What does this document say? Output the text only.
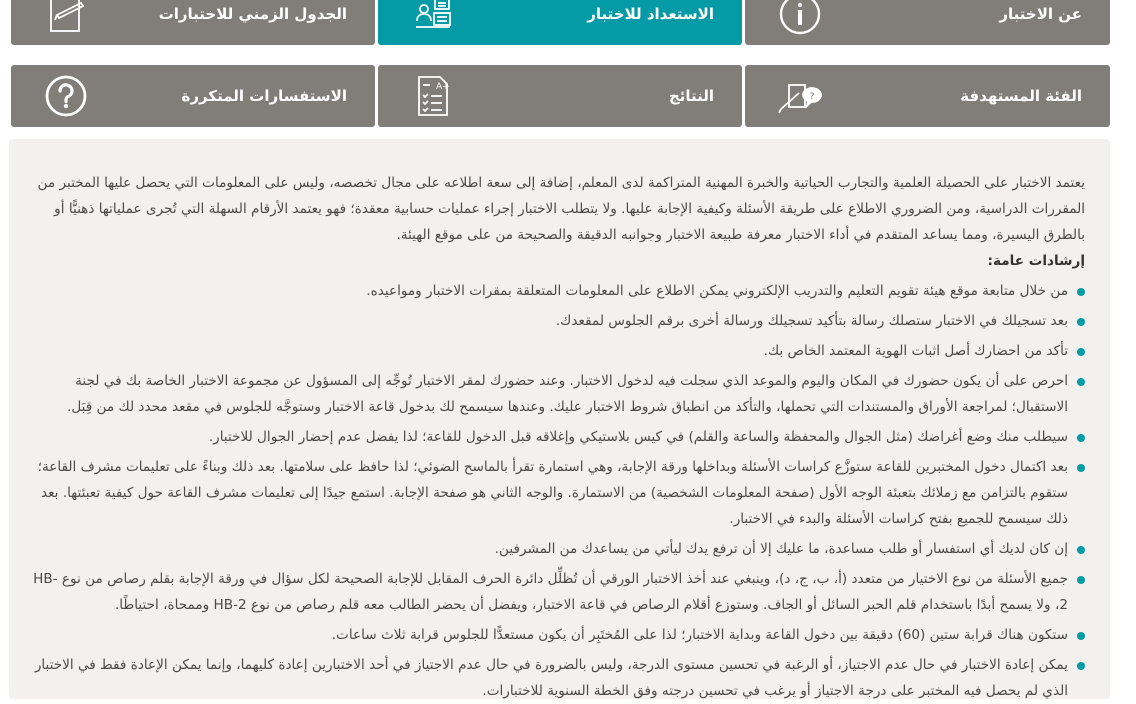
عن الاختبار
الاستعداد للاختبار
الجدول الزمني للاختبارات
?	الفئة المستهدفة
A+	النتائج
الاستفسارات المتكررة

يعتمد الاختبار على الحصيلة العلمية والتجارب الحياتية والخبرة المهنية المتراكمة لدى المعلم، إضافة إلى سعة اطلاعه على مجال تخصصه، وليس على المعلومات التي يحصل عليها المختبر من المقررات الدراسية، ومن الضروري الاطلاع على طريقة الأسئلة وكيفية الإجابة عليها. ولا يتطلب الاختبار إجراء عمليات حسابية معقدة؛ فهو يعتمد الأرقام السهلة التي تُجرى عملياتها ذهنيًّا أو بالطرق اليسيرة، ومما يساعد المتقدم في أداء الاختبار معرفة طبيعة الاختبار وجوانبه الدقيقة والصحيحة من على موقع الهيئة.

إرشادات عامة:

من خلال متابعة موقع هيئة تقويم التعليم والتدريب الإلكتروني يمكن الاطلاع على المعلومات المتعلقة بمقرات الاختبار ومواعيده.
بعد تسجيلك في الاختبار ستصلك رسالة بتأكيد تسجيلك ورسالة أخرى برقم الجلوس لمقعدك.
تأكد من احضارك أصل اثبات الهوية المعتمد الخاص بك.
احرص على أن يكون حضورك في المكان واليوم والموعد الذي سجلت فيه لدخول الاختبار. وعند حضورك لمقر الاختبار تُوجِّه إلى المسؤول عن مجموعة الاختبار الخاصة بك في لجنة الاستقبال؛ لمراجعة الأوراق والمستندات التي تحملها، والتأكد من انطباق شروط الاختبار عليك. وعندها سيسمح لك بدخول قاعة الاختبار وستوجَّه للجلوس في مقعد محدد لك من قِبَل.
سيطلب منك وضع أغراضك (مثل الجوال والمحفظة والساعة والقلم) في كيس بلاستيكي وإغلاقه قبل الدخول للقاعة؛ لذا يفضل عدم إحضار الجوال للاختبار.
بعد اكتمال دخول المختبرين للقاعة ستوزَّع كراسات الأسئلة وبداخلها ورقة الإجابة، وهي استمارة تقرأ بالماسح الضوئي؛ لذا حافظ على سلامتها. بعد ذلك وبناءً على تعليمات مشرف القاعة؛ ستقوم بالتزامن مع زملائك بتعبئة الوجه الأول (صفحة المعلومات الشخصية) من الاستمارة. والوجه الثاني هو صفحة الإجابة. استمع جيدًا إلى تعليمات مشرف القاعة حول كيفية تعبئتها. بعد ذلك سيسمح للجميع بفتح كراسات الأسئلة والبدء في الاختبار.
إن كان لديك أي استفسار أو طلب مساعدة، ما عليك إلا أن ترفع يدك ليأتي من يساعدك من المشرفين.
جميع الأسئلة من نوع الاختيار من متعدد (أ، ب، ج، د)، وينبغي عند أخذ الاختبار الورقي أن تُظلِّل دائرة الحرف المقابل للإجابة الصحيحة لكل سؤال في ورقة الإجابة بقلم رصاص من نوع HB-2، ولا يسمح أبدًا باستخدام قلم الحبر السائل أو الجاف. وستوزع أقلام الرصاص في قاعة الاختبار، ويفضل أن يحضر الطالب معه قلم رصاص من نوع HB-2 وممحاة، احتياطًا.
ستكون هناك قرابة ستين (60) دقيقة بين دخول القاعة وبداية الاختبار؛ لذا على المُختَبِر أن يكون مستعدًّا للجلوس قرابة ثلاث ساعات.
يمكن إعادة الاختبار في حال عدم الاجتياز، أو الرغبة في تحسين مستوى الدرجة، وليس بالضرورة في حال عدم الاجتياز في أحد الاختبارين إعادة كليهما، وإنما يمكن الإعادة فقط في الاختبار الذي لم يحصل فيه المختبر على درجة الاجتياز أو يرغب في تحسين درجته وفق الخطة السنوية للاختبارات.
